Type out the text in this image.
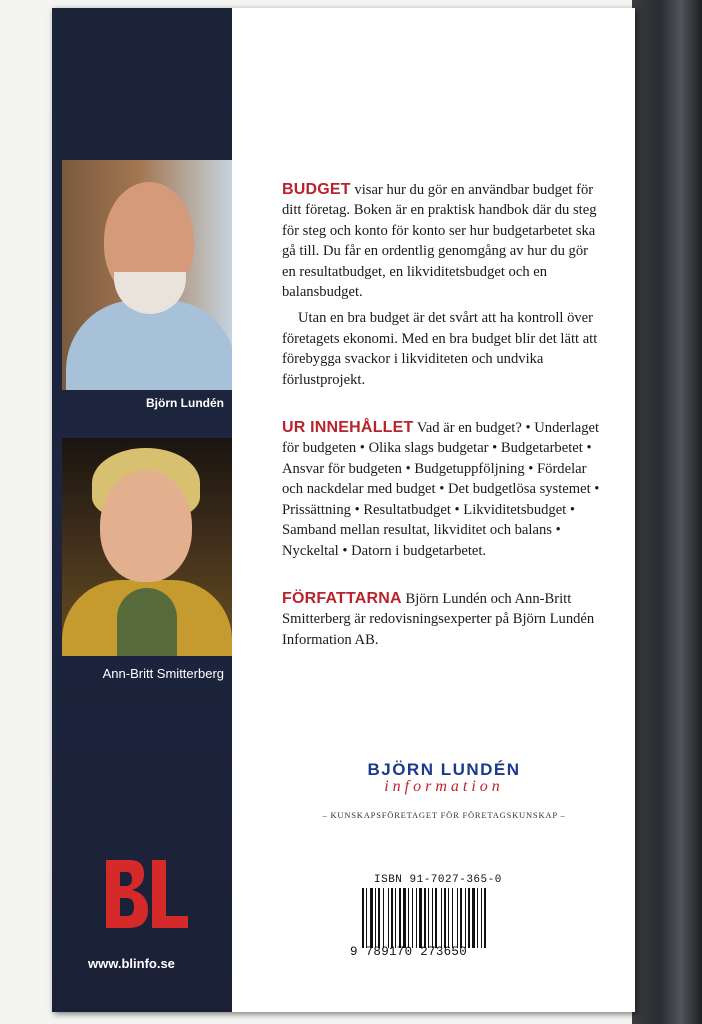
Björn Lundén
Ann-Britt Smitterberg
www.blinfo.se

BUDGET visar hur du gör en användbar budget för ditt företag. Boken är en praktisk handbok där du steg för steg och konto för konto ser hur budgetarbetet ska gå till. Du får en ordentlig genomgång av hur du gör en resultatbudget, en likviditetsbudget och en balansbudget.

Utan en bra budget är det svårt att ha kontroll över företagets ekonomi. Med en bra budget blir det lätt att förebygga svackor i likviditeten och undvika förlustprojekt.

UR INNEHÅLLET Vad är en budget? • Underlaget för budgeten • Olika slags budgetar • Budgetarbetet • Ansvar för budgeten • Budgetuppföljning • Fördelar och nackdelar med budget • Det budgetlösa systemet • Prissättning • Resultatbudget • Likviditetsbudget • Samband mellan resultat, likviditet och balans • Nyckeltal • Datorn i budgetarbetet.

FÖRFATTARNA Björn Lundén och Ann-Britt Smitterberg är redovisningsexperter på Björn Lundén Information AB.

BJÖRN LUNDÉN
information
– KUNSKAPSFÖRETAGET FÖR FÖRETAGSKUNSKAP –
ISBN 91-7027-365-0
9 789170 273650
